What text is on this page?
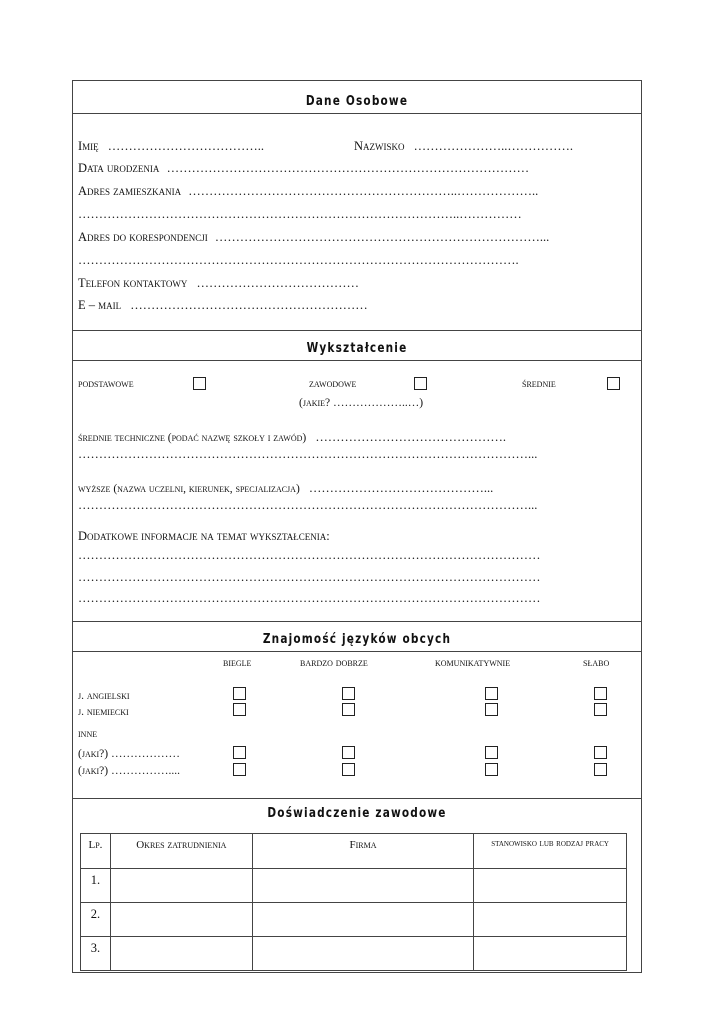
Dane Osobowe
Imię ………………………………..	Nazwisko …………………..…………….
Data urodzenia ……………………………………………………………………………
Adres zamieszkania ………………………………………………………..………………..
………………………………………………………………………………..……………
Adres do korespondencji ……………………………………………………………………...
…………………………………………………………………………………………….
Telefon kontaktowy …………………………………
E – mail …………………………………………………
Wykształcenie
podstawowe	zawodowe
(jakie? ………………..…)
średnie
średnie techniczne (podać nazwę szkoły i zawód) ……………………………………….
………………………………………………………………………………………………...
wyższe (nazwa uczelni, kierunek, specjalizacja) ……………………………………...
………………………………………………………………………………………………...
Dodatkowe informacje na temat wykształcenia:
…………………………………………………………………………………………………
…………………………………………………………………………………………………
…………………………………………………………………………………………………
Znajomość języków obcych
biegle	bardzo dobrze	komunikatywnie	słabo
j. angielski
j. niemiecki
inne
(jaki?) ………………
(jaki?) ……………....
Doświadczenie zawodowe
Lp.	Okres zatrudnienia	Firma	stanowisko lub rodzaj pracy
1.			
2.			
3.			
